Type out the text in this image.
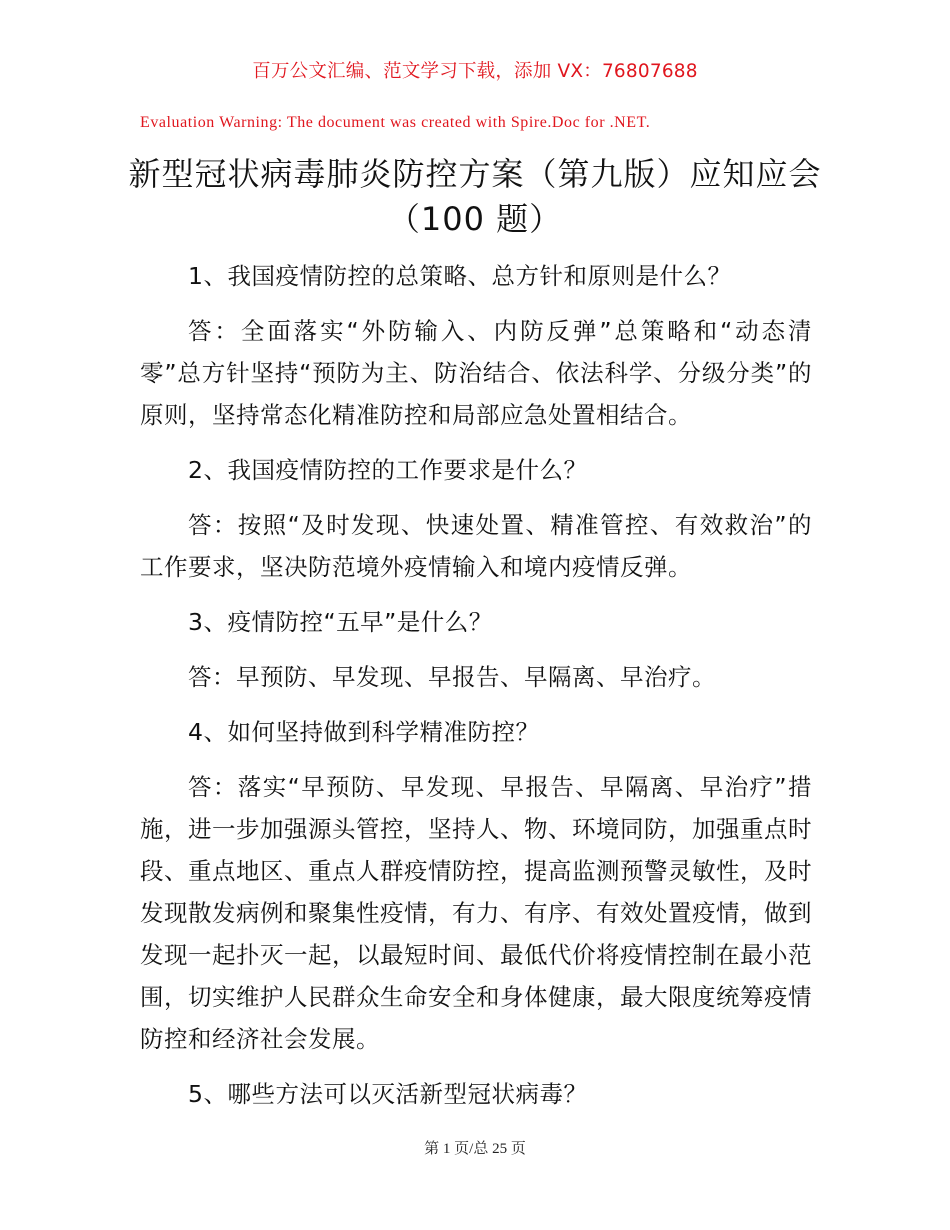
百万公文汇编、范文学习下载，添加 VX：76807688
Evaluation Warning: The document was created with Spire.Doc for .NET.
新型冠状病毒肺炎防控方案（第九版）应知应会（100 题）

1、我国疫情防控的总策略、总方针和原则是什么？

答：全面落实“外防输入、内防反弹”总策略和“动态清零”总方针坚持“预防为主、防治结合、依法科学、分级分类”的原则，坚持常态化精准防控和局部应急处置相结合。

2、我国疫情防控的工作要求是什么？

答：按照“及时发现、快速处置、精准管控、有效救治”的工作要求，坚决防范境外疫情输入和境内疫情反弹。

3、疫情防控“五早”是什么？

答：早预防、早发现、早报告、早隔离、早治疗。

4、如何坚持做到科学精准防控？

答：落实“早预防、早发现、早报告、早隔离、早治疗”措施，进一步加强源头管控，坚持人、物、环境同防，加强重点时段、重点地区、重点人群疫情防控，提高监测预警灵敏性，及时发现散发病例和聚集性疫情，有力、有序、有效处置疫情，做到发现一起扑灭一起，以最短时间、最低代价将疫情控制在最小范围，切实维护人民群众生命安全和身体健康，最大限度统筹疫情防控和经济社会发展。

5、哪些方法可以灭活新型冠状病毒？

第 1 页/总 25 页
